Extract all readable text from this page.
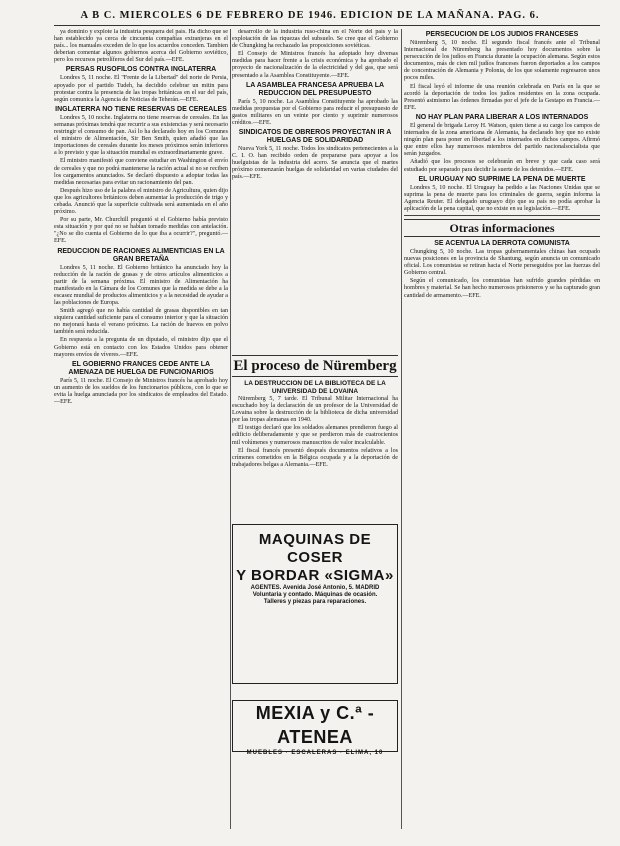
A B C. MIERCOLES 6 DE FEBRERO DE 1946. EDICION DE LA MAÑANA. PAG. 6.

ya dominio y explote la industria pesquera del país. Ha dicho que se han establecido ya cerca de cincuenta compañías extranjeras en el país... los manuales exceden de lo que los acuerdos conceden. Tambien deberian comentar algunos gobiernos acerca del Gobierno soviético, pero los recursos petrolíferos del Sur del país.—EFE.

PERSAS RUSOFILOS CONTRA INGLATERRA

Londres 5, 11 noche. El "Frente de la Libertad" del norte de Persia, apoyado por el partido Tudeh, ha decidido celebrar un mitin para protestar contra la presencia de las tropas británicas en el sur del país, según comunica la Agencia de Noticias de Teherán.—EFE.

INGLATERRA NO TIENE RESERVAS DE CEREALES

Londres 5, 10 noche. Inglaterra no tiene reservas de cereales. En las semanas próximas tendrá que recurrir a sus existencias y será necesario restringir el consumo de pan. Así lo ha declarado hoy en los Comunes el ministro de Alimentación, Sir Ben Smith, quien añadió que las importaciones de cereales durante los meses próximos serán inferiores a lo previsto y que la situación mundial es extraordinariamente grave.

El ministro manifestó que conviene estudiar en Washington el envío de cereales y que no podrá mantenerse la ración actual si no se reciben los cargamentos anunciados. Se declaró dispuesto a adoptar todas las medidas necesarias para evitar un racionamiento del pan.

Después hizo uso de la palabra el ministro de Agricultura, quien dijo que los agricultores británicos deben aumentar la producción de trigo y cebada. Anunció que la superficie cultivada será aumentada en el año próximo.

Por su parte, Mr. Churchill preguntó si el Gobierno había previsto esta situación y por qué no se habían tomado medidas con antelación. "¿No se dio cuenta el Gobierno de lo que iba a ocurrir?", preguntó.—EFE.

REDUCCION DE RACIONES ALIMENTICIAS EN LA GRAN BRETAÑA

Londres 5, 11 noche. El Gobierno británico ha anunciado hoy la reducción de la ración de grasas y de otros artículos alimenticios a partir de la semana próxima. El ministro de Alimentación ha manifestado en la Cámara de los Comunes que la medida se debe a la escasez mundial de productos alimenticios y a la necesidad de ayudar a las poblaciones de Europa.

Smith agregó que no había cantidad de grasas disponibles en tan siquiera cantidad suficiente para el consumo interior y que la situación no mejorará hasta el verano próximo. La ración de huevos en polvo también será reducida.

En respuesta a la pregunta de un diputado, el ministro dijo que el Gobierno está en contacto con los Estados Unidos para obtener mayores envíos de víveres.—EFE.

EL GOBIERNO FRANCES CEDE ANTE LA AMENAZA DE HUELGA DE FUNCIONARIOS

París 5, 11 noche. El Consejo de Ministros francés ha aprobado hoy un aumento de los sueldos de los funcionarios públicos, con lo que se evita la huelga anunciada por los sindicatos de empleados del Estado.—EFE.

desarrollo de la industria ruso-china en el Norte del país y la explotación de las riquezas del subsuelo. Se cree que el Gobierno de Chungking ha rechazado las proposiciones soviéticas.

El Consejo de Ministros francés ha adoptado hoy diversas medidas para hacer frente a la crisis económica y ha aprobado el proyecto de nacionalización de la electricidad y del gas, que será presentado a la Asamblea Constituyente.—EFE.

LA ASAMBLEA FRANCESA APRUEBA LA REDUCCION DEL PRESUPUESTO

París 5, 10 noche. La Asamblea Constituyente ha aprobado las medidas propuestas por el Gobierno para reducir el presupuesto de gastos militares en un veinte por ciento y suprimir numerosos créditos.—EFE.

SINDICATOS DE OBREROS PROYECTAN IR A HUELGAS DE SOLIDARIDAD

Nueva York 5, 11 noche. Todos los sindicatos pertenecientes a la C. I. O. han recibido orden de prepararse para apoyar a los huelguistas de la industria del acero. Se anuncia que el martes próximo comenzarán huelgas de solidaridad en varias ciudades del país.—EFE.

El proceso de Nüremberg
LA DESTRUCCION DE LA BIBLIOTECA DE LA UNIVERSIDAD DE LOVAINA

Nüremberg 5, 7 tarde. El Tribunal Militar Internacional ha escuchado hoy la declaración de un profesor de la Universidad de Lovaina sobre la destrucción de la biblioteca de dicha universidad por las tropas alemanas en 1940.

El testigo declaró que los soldados alemanes prendieron fuego al edificio deliberadamente y que se perdieron más de cuatrocientos mil volúmenes y numerosos manuscritos de valor incalculable.

El fiscal francés presentó después documentos relativos a los crímenes cometidos en la Bélgica ocupada y a la deportación de trabajadores belgas a Alemania.—EFE.

MAQUINAS DE COSER
Y BORDAR «SIGMA»
AGENTES. Avenida José Antonio, 5. MADRID
Voluntaria y contado. Máquinas de ocasión.
Talleres y piezas para reparaciones.
MEXIA y C.ª - ATENEA
MUEBLES · ESCALERAS · ELIMA, 10
PERSECUCION DE LOS JUDIOS FRANCESES

Nüremberg 5, 10 noche. El segundo fiscal francés ante el Tribunal Internacional de Nüremberg ha presentado hoy documentos sobre la persecución de los judíos en Francia durante la ocupación alemana. Según estos documentos, más de cien mil judíos franceses fueron deportados a los campos de concentración de Alemania y Polonia, de los que solamente regresaron unos pocos miles.

El fiscal leyó el informe de una reunión celebrada en París en la que se acordó la deportación de todos los judíos residentes en la zona ocupada. Presentó asimismo las órdenes firmadas por el jefe de la Gestapo en Francia.—EFE.

NO HAY PLAN PARA LIBERAR A LOS INTERNADOS

El general de brigada Leroy H. Watson, quien tiene a su cargo los campos de internados de la zona americana de Alemania, ha declarado hoy que no existe ningún plan para poner en libertad a los internados en dichos campos. Afirmó que entre ellos hay numerosos miembros del partido nacionalsocialista que serán juzgados.

Añadió que los procesos se celebrarán en breve y que cada caso será estudiado por separado para decidir la suerte de los detenidos.—EFE.

EL URUGUAY NO SUPRIME LA PENA DE MUERTE

Londres 5, 10 noche. El Uruguay ha pedido a las Naciones Unidas que se suprima la pena de muerte para los criminales de guerra, según informa la Agencia Reuter. El delegado uruguayo dijo que su país no podía aprobar la aplicación de la pena capital, que no existe en su legislación.—EFE.

Otras informaciones
SE ACENTUA LA DERROTA COMUNISTA

Chungking 5, 10 noche. Las tropas gubernamentales chinas han ocupado nuevas posiciones en la provincia de Shantung, según anuncia un comunicado oficial. Los comunistas se retiran hacia el Norte perseguidos por las fuerzas del Gobierno central.

Según el comunicado, los comunistas han sufrido grandes pérdidas en hombres y material. Se han hecho numerosos prisioneros y se ha capturado gran cantidad de armamento.—EFE.
